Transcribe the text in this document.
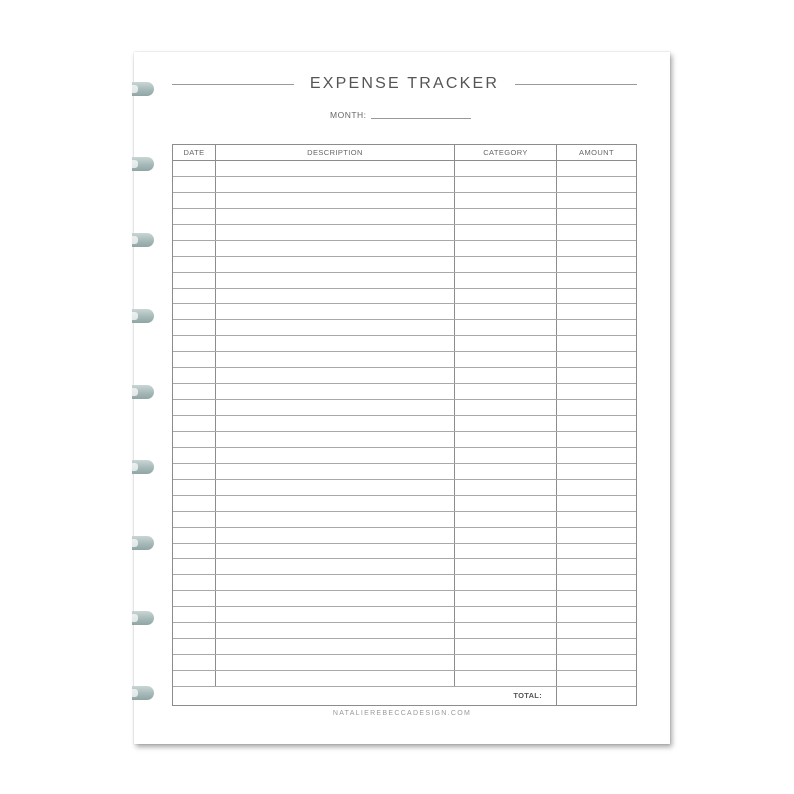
EXPENSE TRACKER
MONTH:
DATE	DESCRIPTION	CATEGORY	AMOUNT
TOTAL:
NATALIEREBECCADESIGN.COM
